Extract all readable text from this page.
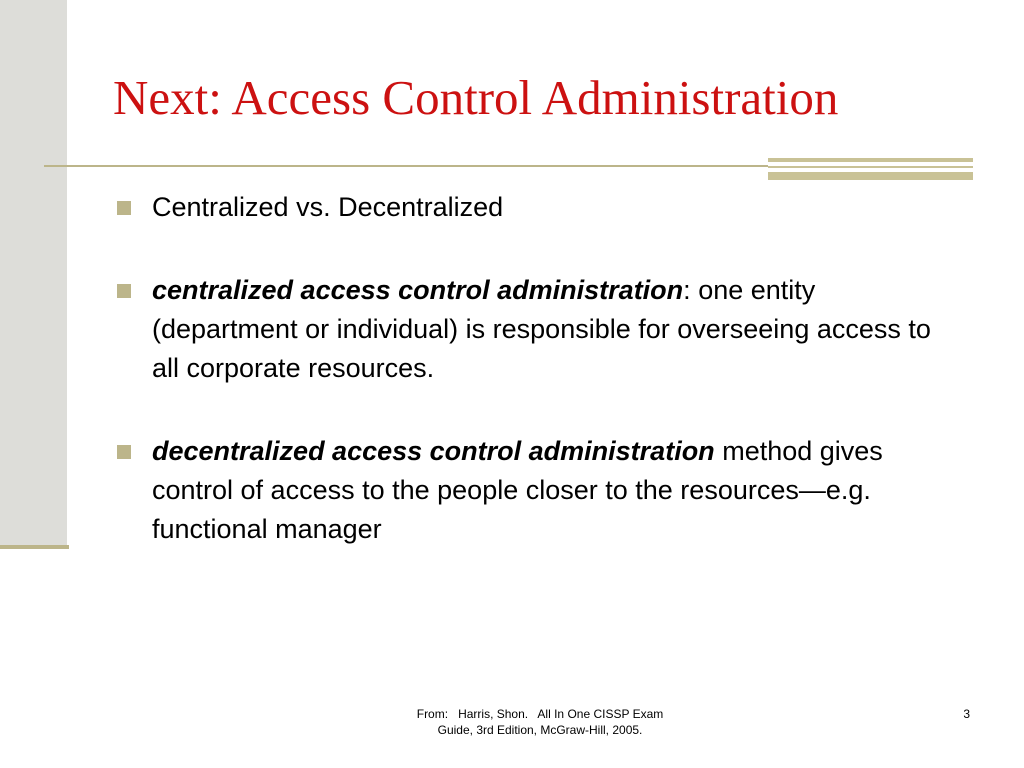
Next: Access Control Administration
Centralized vs. Decentralized
centralized access control administration: one entity (department or individual) is responsible for overseeing access to all corporate resources.
decentralized access control administration method gives control of access to the people closer to the resources—e.g. functional manager
From:   Harris, Shon.   All In One CISSP Exam
Guide, 3rd Edition, McGraw-Hill, 2005.
3
